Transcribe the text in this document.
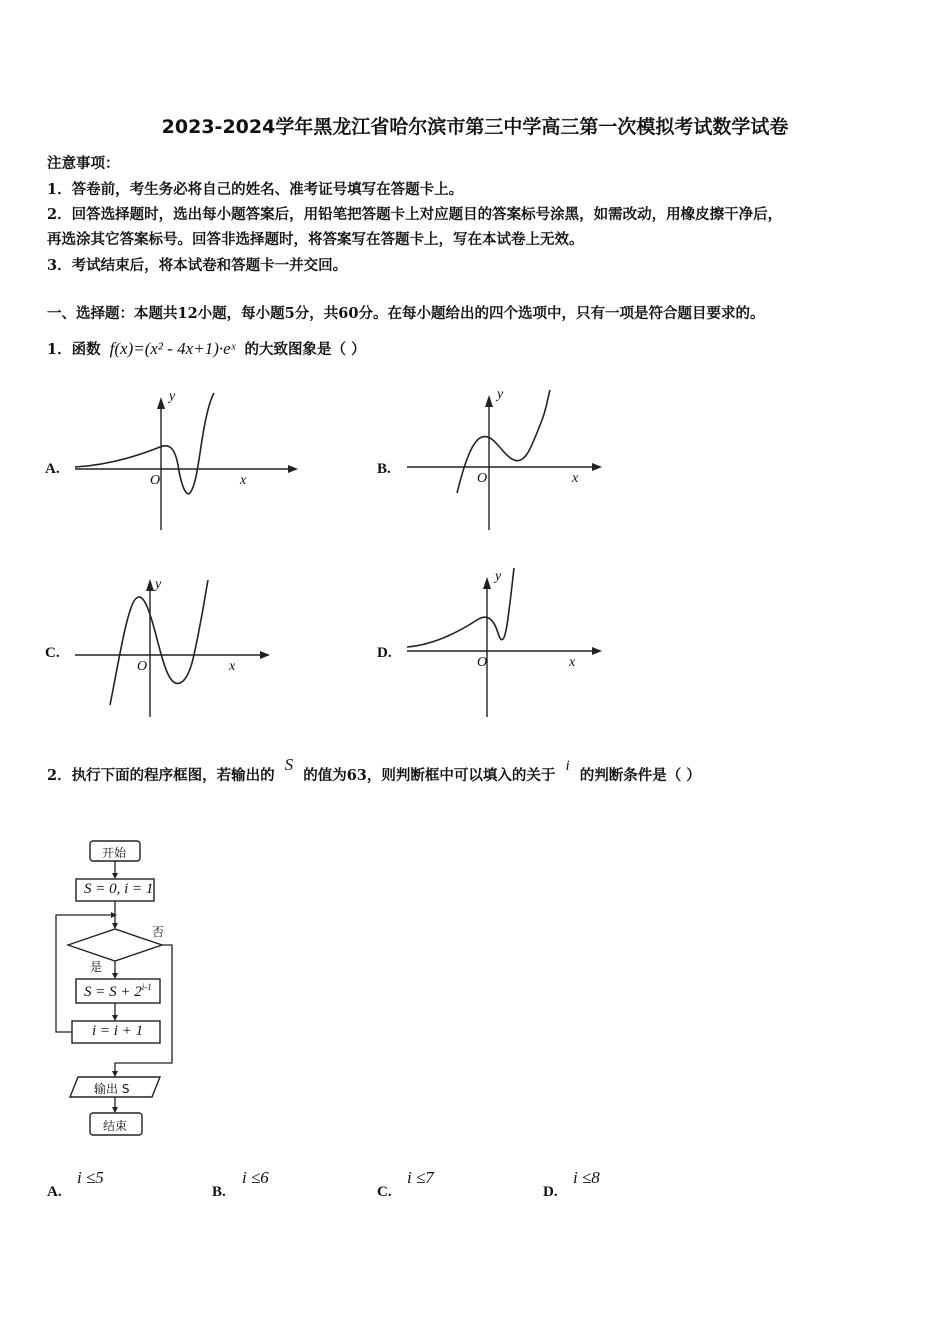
2023-2024学年黑龙江省哈尔滨市第三中学高三第一次模拟考试数学试卷
注意事项：
1．答卷前，考生务必将自己的姓名、准考证号填写在答题卡上。
2．回答选择题时，选出每小题答案后，用铅笔把答题卡上对应题目的答案标号涂黑，如需改动，用橡皮擦干净后，
再选涂其它答案标号。回答非选择题时，将答案写在答题卡上，写在本试卷上无效。
3．考试结束后，将本试卷和答题卡一并交回。
一、选择题：本题共12小题，每小题5分，共60分。在每小题给出的四个选项中，只有一项是符合题目要求的。
1．函数 f(x)=(x² - 4x+1)·eˣ 的大致图象是（ ）
A.
O	x
y
B.
O	x
y
C.
O	x
y
D.
O	x
y
2．执行下面的程序框图，若输出的 S 的值为63，则判断框中可以填入的关于 i 的判断条件是（ ）
开始
S = 0, i = 1
否
是
$S = S + 2^{i-1}$
i = i + 1
输出 S
结束
A.
i ≤5
B.
i ≤6
C.
i ≤7
D.
i ≤8
